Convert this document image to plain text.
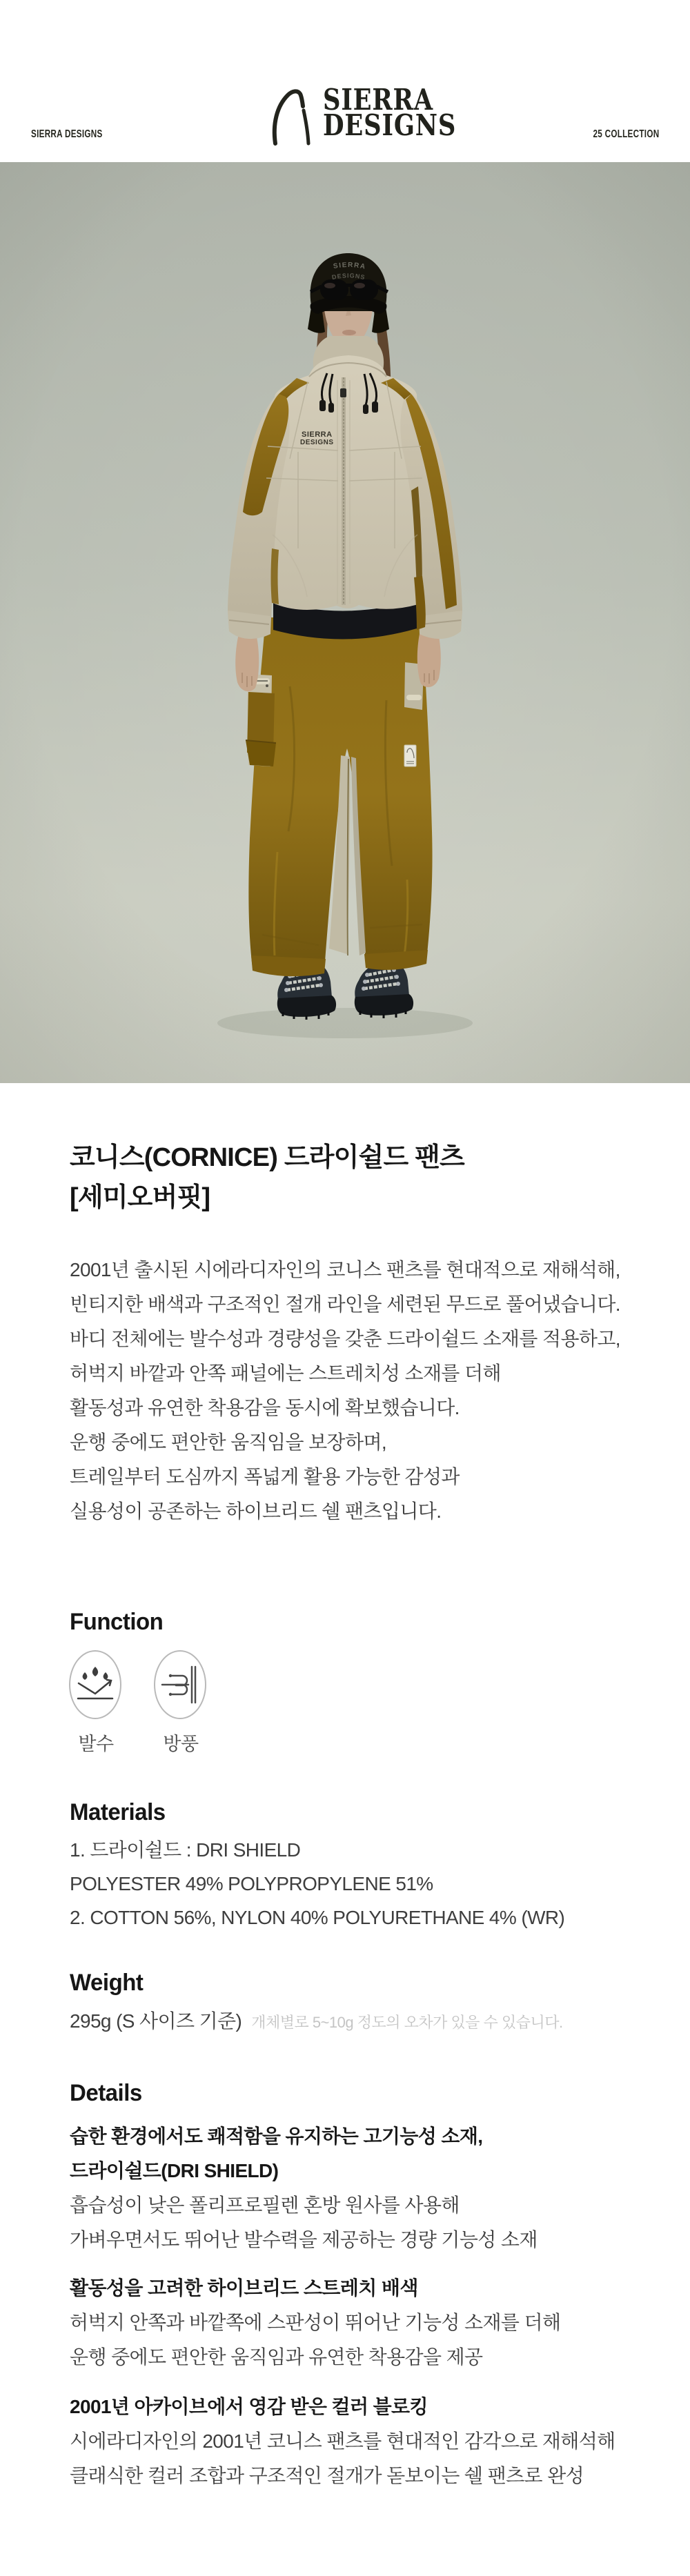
SIERRA DESIGNS	25 COLLECTION
SIERRA
DESIGNS
코니스(CORNICE) 드라이쉴드 팬츠
[세미오버핏]
2001년 출시된 시에라디자인의 코니스 팬츠를 현대적으로 재해석해,
빈티지한 배색과 구조적인 절개 라인을 세련된 무드로 풀어냈습니다.
바디 전체에는 발수성과 경량성을 갖춘 드라이쉴드 소재를 적용하고,
허벅지 바깥과 안쪽 패널에는 스트레치성 소재를 더해
활동성과 유연한 착용감을 동시에 확보했습니다.
운행 중에도 편안한 움직임을 보장하며,
트레일부터 도심까지 폭넓게 활용 가능한 감성과
실용성이 공존하는 하이브리드 쉘 팬츠입니다.
Function
발수	방풍
Materials
1. 드라이쉴드 : DRI SHIELD
POLYESTER 49% POLYPROPYLENE 51%
2. COTTON 56%, NYLON 40% POLYURETHANE 4% (WR)
Weight
295g (S 사이즈 기준) 개체별로 5~10g 정도의 오차가 있을 수 있습니다.
Details
습한 환경에서도 쾌적함을 유지하는 고기능성 소재,
드라이쉴드(DRI SHIELD)
흡습성이 낮은 폴리프로필렌 혼방 원사를 사용해
가벼우면서도 뛰어난 발수력을 제공하는 경량 기능성 소재
활동성을 고려한 하이브리드 스트레치 배색
허벅지 안쪽과 바깥쪽에 스판성이 뛰어난 기능성 소재를 더해
운행 중에도 편안한 움직임과 유연한 착용감을 제공
2001년 아카이브에서 영감 받은 컬러 블로킹
시에라디자인의 2001년 코니스 팬츠를 현대적인 감각으로 재해석해
클래식한 컬러 조합과 구조적인 절개가 돋보이는 쉘 팬츠로 완성
